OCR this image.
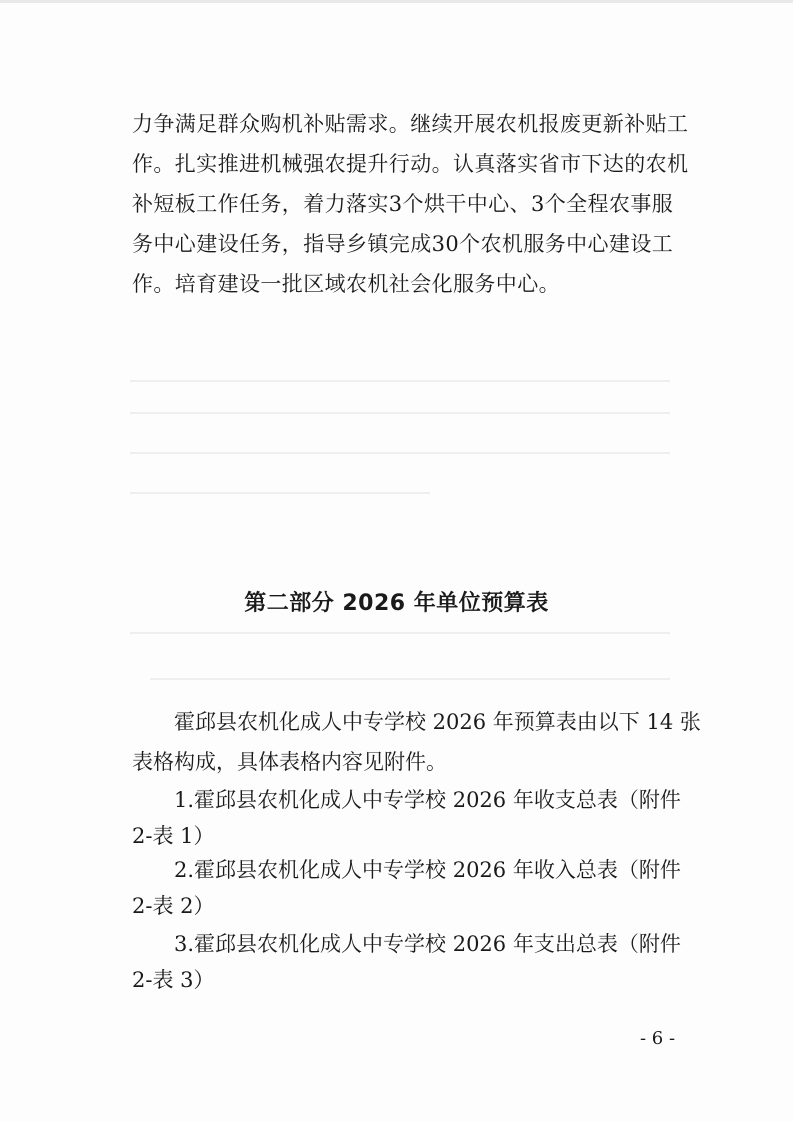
力争满足群众购机补贴需求。继续开展农机报废更新补贴工
作。扎实推进机械强农提升行动。认真落实省市下达的农机
补短板工作任务，着力落实3个烘干中心、3个全程农事服
务中心建设任务，指导乡镇完成30个农机服务中心建设工
作。培育建设一批区域农机社会化服务中心。

第二部分 2026 年单位预算表

霍邱县农机化成人中专学校 2026 年预算表由以下 14 张
表格构成，具体表格内容见附件。

1.霍邱县农机化成人中专学校 2026 年收支总表（附件
2-表 1）

2.霍邱县农机化成人中专学校 2026 年收入总表（附件
2-表 2）

3.霍邱县农机化成人中专学校 2026 年支出总表（附件
2-表 3）

- 6 -
